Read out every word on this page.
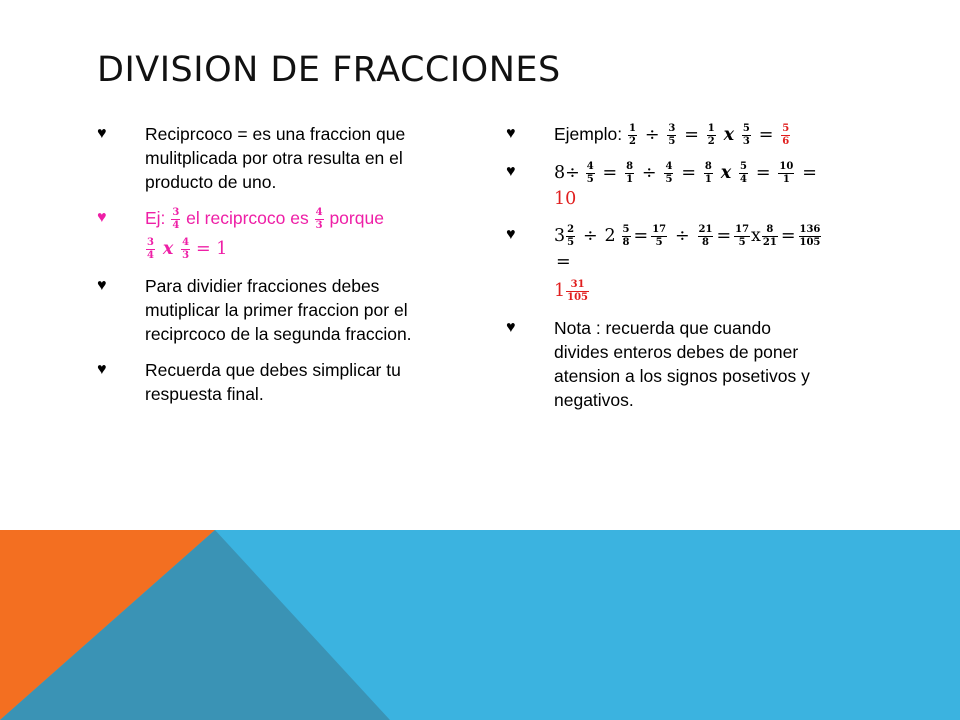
DIVISION DE FRACCIONES
♥ Reciprcoco = es una fraccion que mulitplicada por otra resulta en el producto de uno.
♥ Ej: $\frac{3}{4}$ el reciprcoco es $\frac{4}{3}$ porque
$\frac{3}{4}$ 𝒙 $\frac{4}{3} = 1$
♥ Para dividier fracciones debes mutiplicar la primer fraccion por el reciprcoco de la segunda fraccion.
♥ Recuerda que debes simplicar tu respuesta final.
♥ Ejemplo: $\frac{1}{2} \div \frac{3}{5} = \frac{1}{2}$ 𝒙 $\frac{5}{3} = \frac{5}{6}$
♥ $8\div \frac{4}{5} = \frac{8}{1} \div \frac{4}{5} = \frac{8}{1}$ 𝒙 $\frac{5}{4} = \frac{10}{1} = 10$
♥ $3 \frac{2}{5} \div 2 \frac{5}{8} = \frac{17}{5} \div \frac{21}{8} = \frac{17}{5}$ x $\frac{8}{21} = \frac{136}{105}$
=
$1 \frac{31}{105}$
♥ Nota : recuerda que cuando divides enteros debes de poner atension a los signos posetivos y negativos.
